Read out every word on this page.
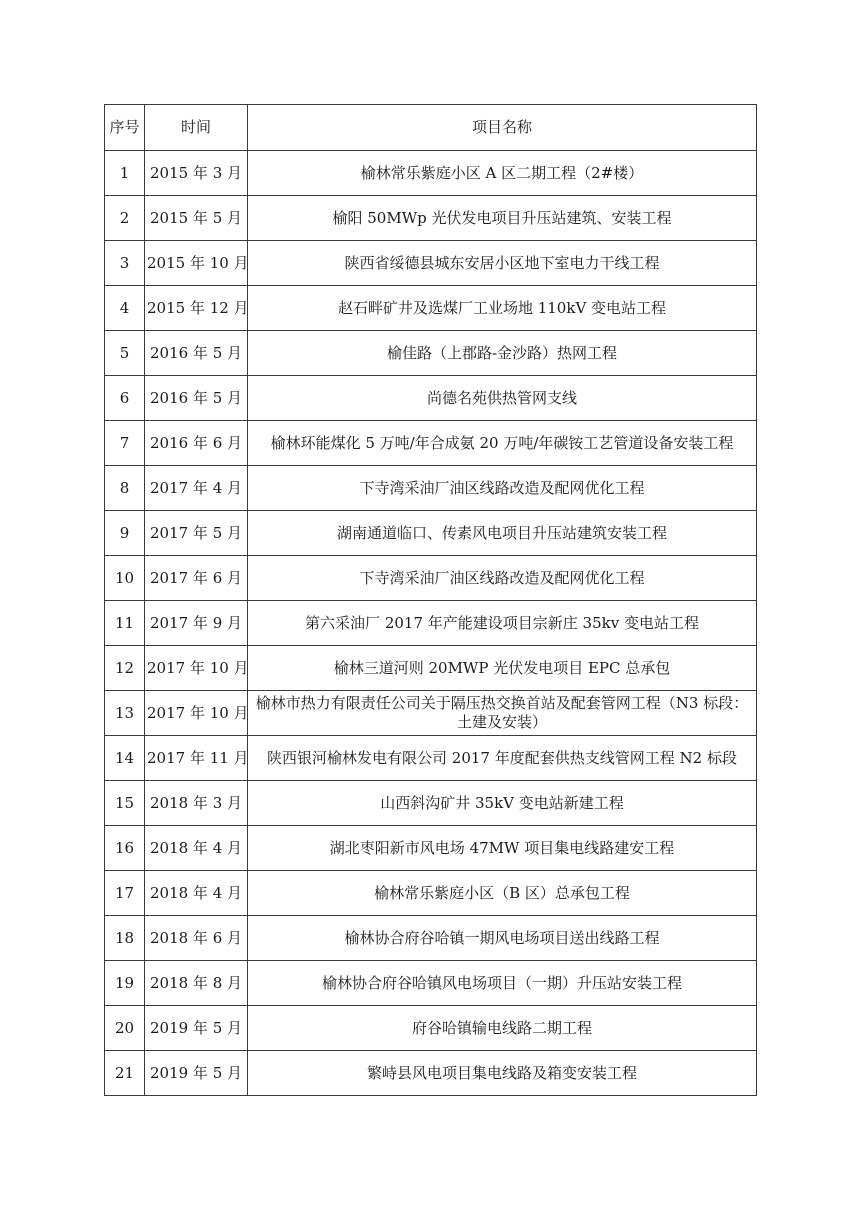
序号	时间	项目名称
1	2015 年 3 月	榆林常乐紫庭小区 A 区二期工程（2#楼）
2	2015 年 5 月	榆阳 50MWp 光伏发电项目升压站建筑、安装工程
3	2015 年 10 月	陕西省绥德县城东安居小区地下室电力干线工程
4	2015 年 12 月	赵石畔矿井及选煤厂工业场地 110kV 变电站工程
5	2016 年 5 月	榆佳路（上郡路-金沙路）热网工程
6	2016 年 5 月	尚德名苑供热管网支线
7	2016 年 6 月	榆林环能煤化 5 万吨/年合成氨 20 万吨/年碳铵工艺管道设备安装工程
8	2017 年 4 月	下寺湾采油厂油区线路改造及配网优化工程
9	2017 年 5 月	湖南通道临口、传素风电项目升压站建筑安装工程
10	2017 年 6 月	下寺湾采油厂油区线路改造及配网优化工程
11	2017 年 9 月	第六采油厂 2017 年产能建设项目宗新庄 35kv 变电站工程
12	2017 年 10 月	榆林三道河则 20MWP 光伏发电项目 EPC 总承包
13	2017 年 10 月	榆林市热力有限责任公司关于隔压热交换首站及配套管网工程（N3 标段：土建及安装）
14	2017 年 11 月	陕西银河榆林发电有限公司 2017 年度配套供热支线管网工程 N2 标段
15	2018 年 3 月	山西斜沟矿井 35kV 变电站新建工程
16	2018 年 4 月	湖北枣阳新市风电场 47MW 项目集电线路建安工程
17	2018 年 4 月	榆林常乐紫庭小区（B 区）总承包工程
18	2018 年 6 月	榆林协合府谷哈镇一期风电场项目送出线路工程
19	2018 年 8 月	榆林协合府谷哈镇风电场项目（一期）升压站安装工程
20	2019 年 5 月	府谷哈镇输电线路二期工程
21	2019 年 5 月	繁峙县风电项目集电线路及箱变安装工程
